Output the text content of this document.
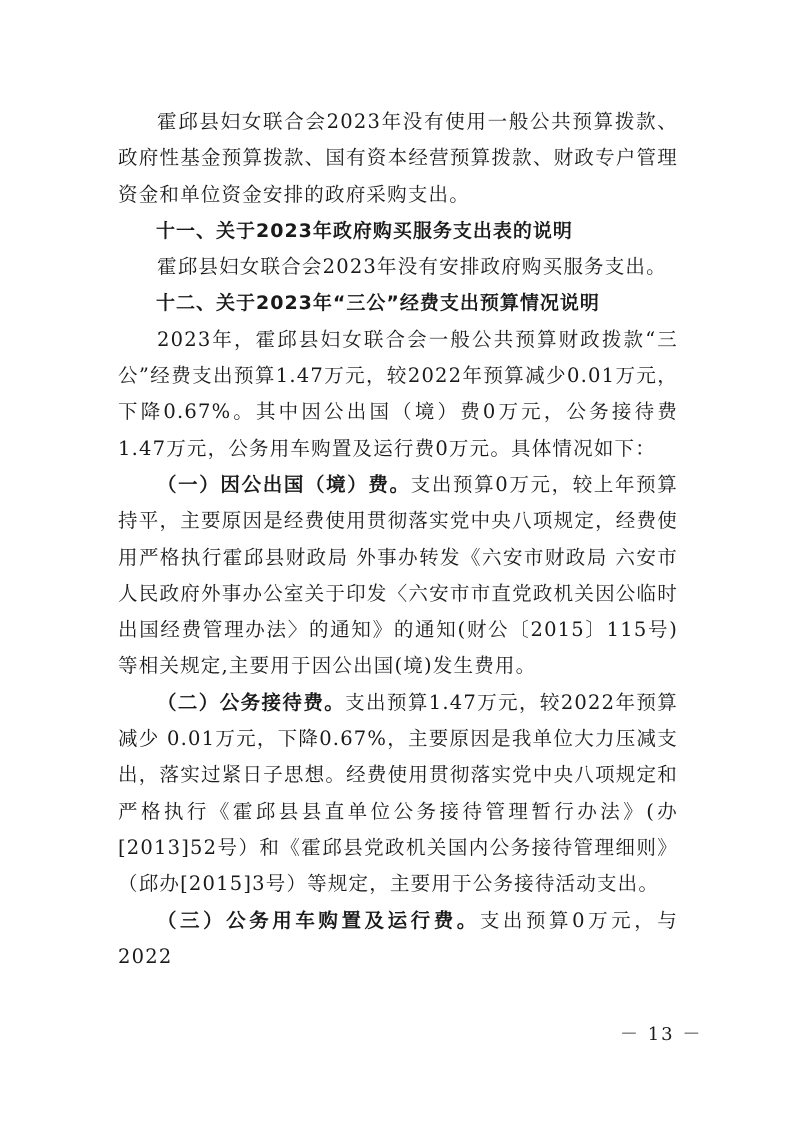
霍邱县妇女联合会2023年没有使用一般公共预算拨款、政府性基金预算拨款、国有资本经营预算拨款、财政专户管理资金和单位资金安排的政府采购支出。

十一、关于2023年政府购买服务支出表的说明

霍邱县妇女联合会2023年没有安排政府购买服务支出。

十二、关于2023年“三公”经费支出预算情况说明

2023年，霍邱县妇女联合会一般公共预算财政拨款“三公”经费支出预算1.47万元，较2022年预算减少0.01万元，下降0.67%。其中因公出国（境）费0万元，公务接待费1.47万元，公务用车购置及运行费0万元。具体情况如下：

（一）因公出国（境）费。支出预算0万元，较上年预算持平，主要原因是经费使用贯彻落实党中央八项规定，经费使用严格执行霍邱县财政局 外事办转发《六安市财政局 六安市人民政府外事办公室关于印发〈六安市市直党政机关因公临时出国经费管理办法〉的通知》的通知(财公〔2015〕115号)等相关规定,主要用于因公出国(境)发生费用。

（二）公务接待费。支出预算1.47万元，较2022年预算减少 0.01万元，下降0.67%，主要原因是我单位大力压减支出，落实过紧日子思想。经费使用贯彻落实党中央八项规定和严格执行《霍邱县县直单位公务接待管理暂行办法》(办[2013]52号）和《霍邱县党政机关国内公务接待管理细则》（邱办[2015]3号）等规定，主要用于公务接待活动支出。

（三）公务用车购置及运行费。支出预算0万元，与2022

－ 13 －
